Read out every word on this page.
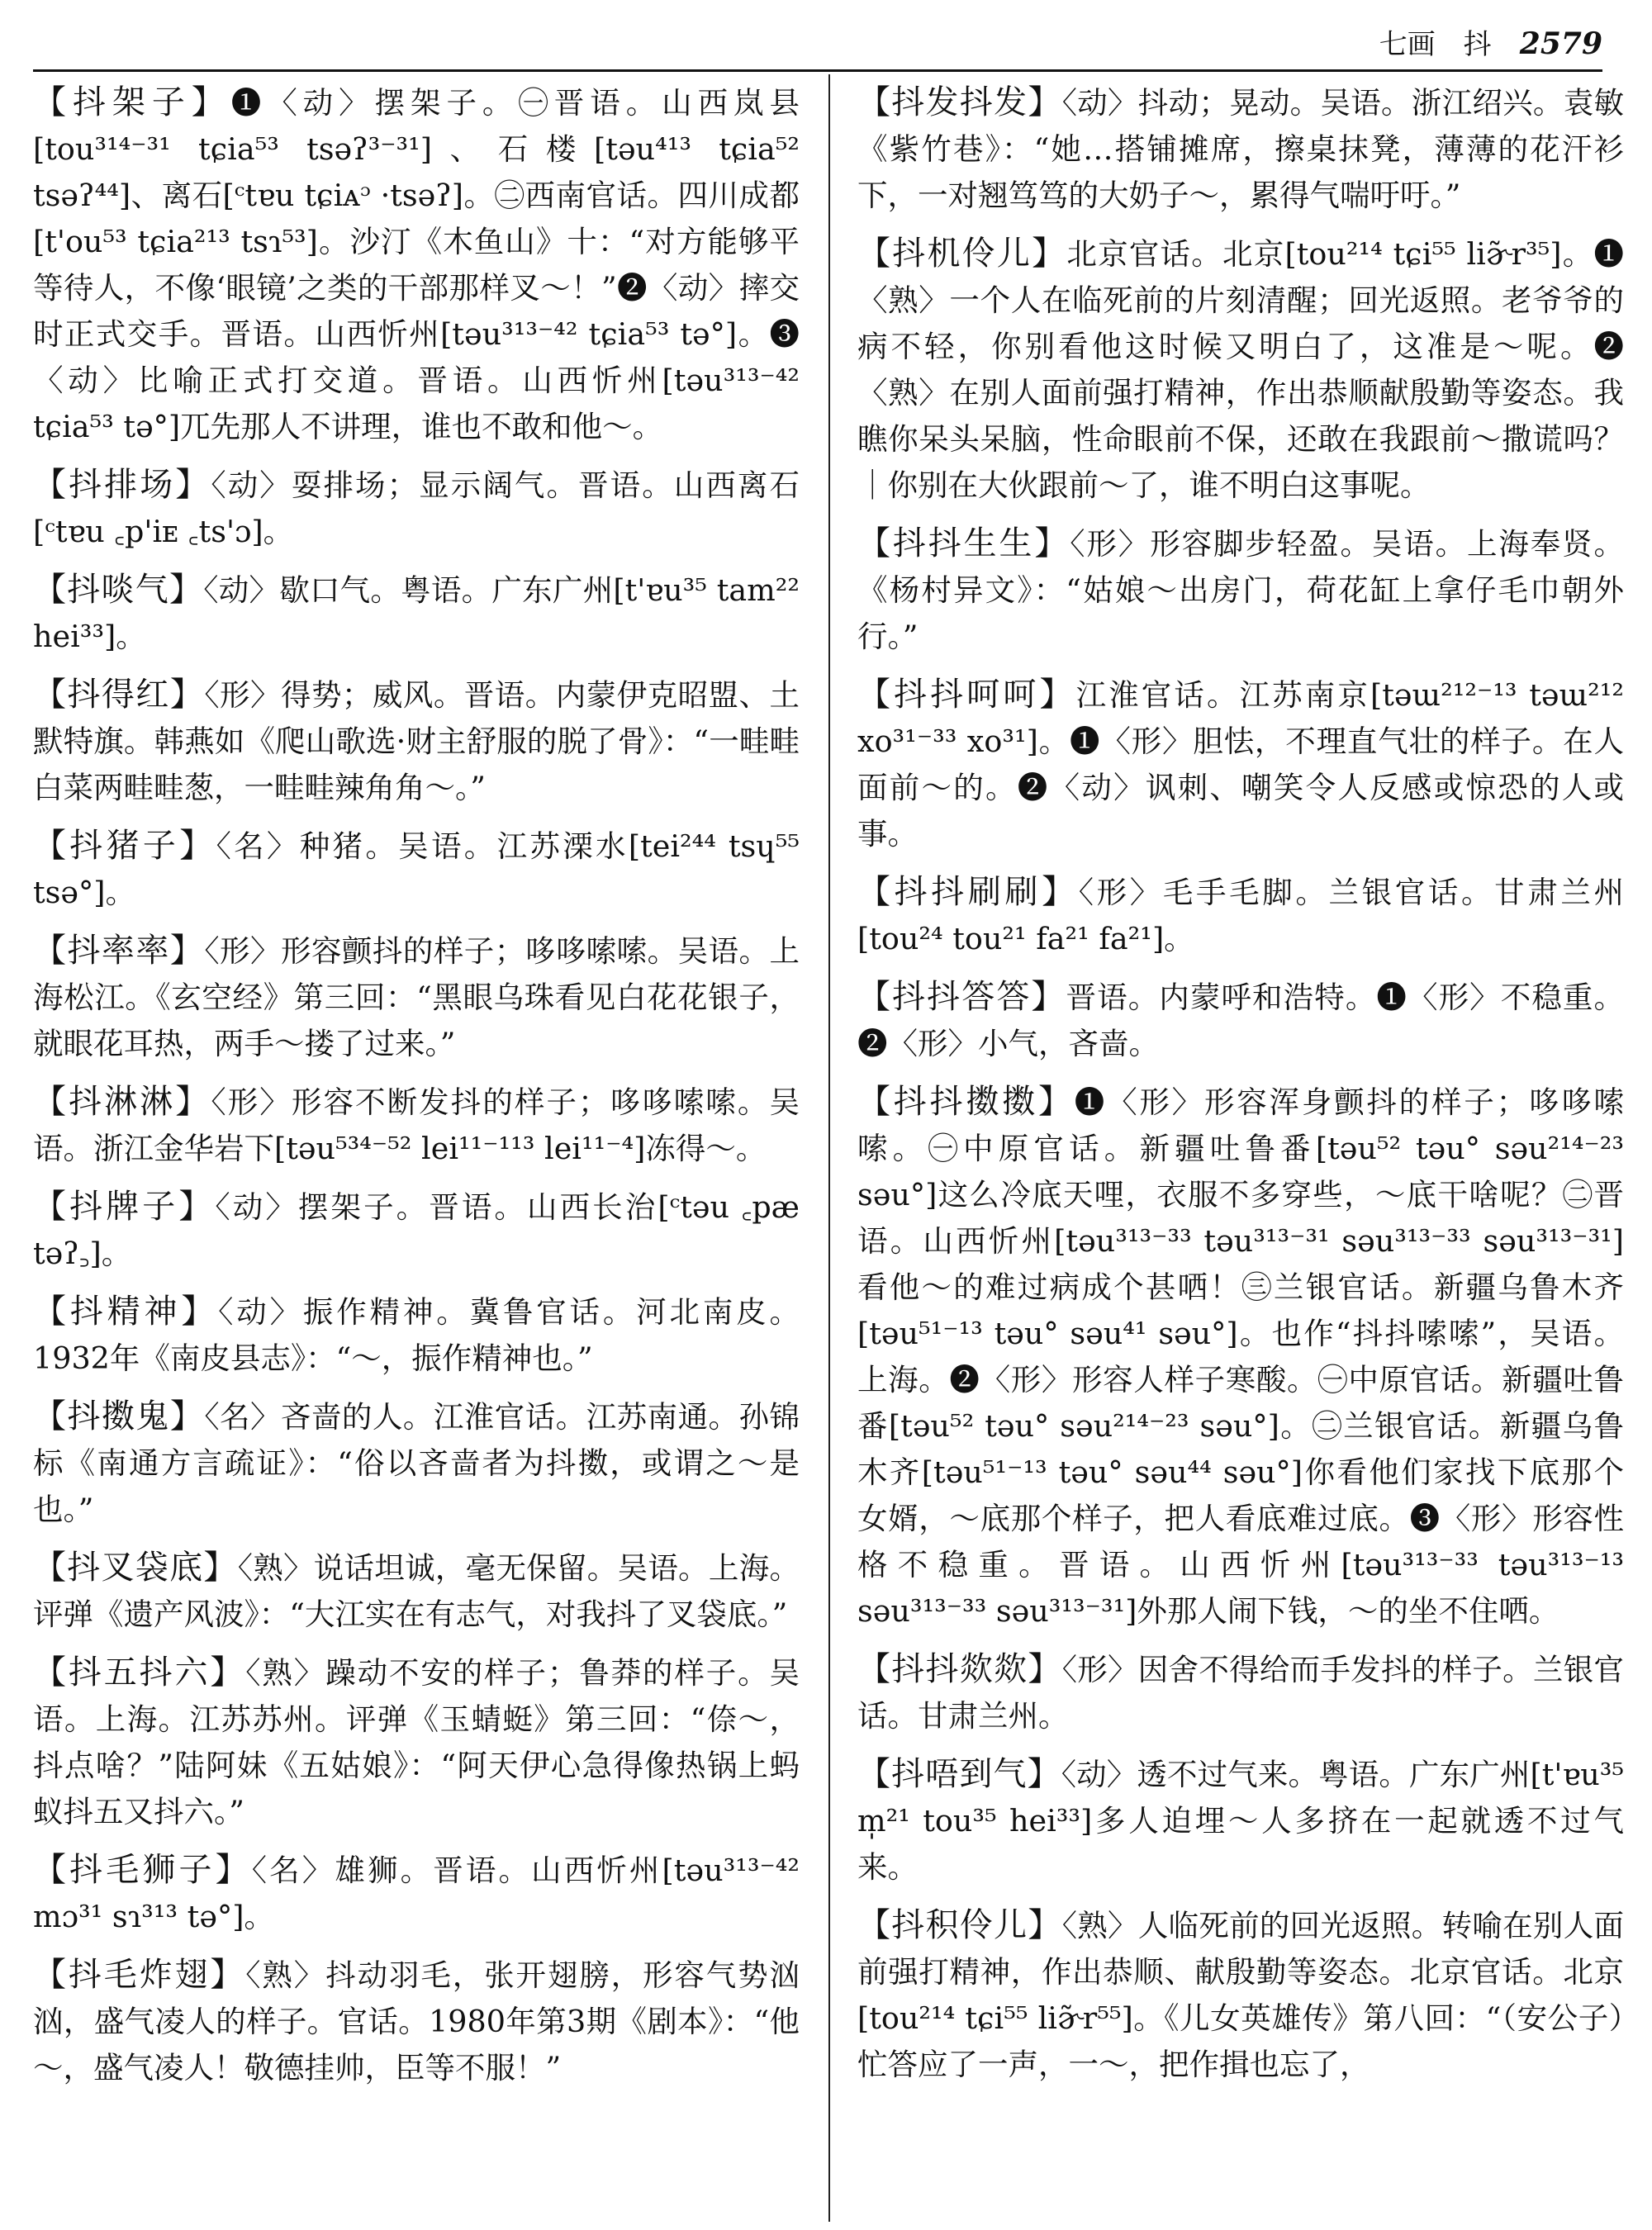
七画 抖 2579
【抖架子】❶〈动〉摆架子。㊀晋语。山西岚县[tou³¹⁴⁻³¹ tɕia⁵³ tsəʔ³⁻³¹]、石楼[təu⁴¹³ tɕia⁵² tsəʔ⁴⁴]、离石[ᶜtɐu tɕiᴀᵓ ·tsəʔ]。㊁西南官话。四川成都[t'ou⁵³ tɕia²¹³ tsɿ⁵³]。沙汀《木鱼山》十：“对方能够平等待人，不像‘眼镜’之类的干部那样叉～！”❷〈动〉摔交时正式交手。晋语。山西忻州[təu³¹³⁻⁴² tɕia⁵³ tə°]。❸〈动〉比喻正式打交道。晋语。山西忻州[təu³¹³⁻⁴² tɕia⁵³ tə°]兀先那人不讲理，谁也不敢和他～。
【抖排场】〈动〉耍排场；显示阔气。晋语。山西离石[ᶜtɐu ꜀p'iᴇ ꜀ts'ɔ]。
【抖啖气】〈动〉歇口气。粤语。广东广州[t'ɐu³⁵ tam²² hei³³]。
【抖得红】〈形〉得势；威风。晋语。内蒙伊克昭盟、土默特旗。韩燕如《爬山歌选·财主舒服的脱了骨》：“一畦畦白菜两畦畦葱，一畦畦辣角角～。”
【抖猪子】〈名〉种猪。吴语。江苏溧水[tei²⁴⁴ tsɥ⁵⁵ tsə°]。
【抖率率】〈形〉形容颤抖的样子；哆哆嗦嗦。吴语。上海松江。《玄空经》第三回：“黑眼乌珠看见白花花银子，就眼花耳热，两手～搂了过来。”
【抖淋淋】〈形〉形容不断发抖的样子；哆哆嗦嗦。吴语。浙江金华岩下[təu⁵³⁴⁻⁵² lei¹¹⁻¹¹³ lei¹¹⁻⁴]冻得～。
【抖牌子】〈动〉摆架子。晋语。山西长治[ᶜtəu ꜀pæ təʔ꜆]。
【抖精神】〈动〉振作精神。冀鲁官话。河北南皮。1932年《南皮县志》：“～，振作精神也。”
【抖擞鬼】〈名〉吝啬的人。江淮官话。江苏南通。孙锦标《南通方言疏证》：“俗以吝啬者为抖擞，或谓之～是也。”
【抖叉袋底】〈熟〉说话坦诚，毫无保留。吴语。上海。评弹《遗产风波》：“大江实在有志气，对我抖了叉袋底。”
【抖五抖六】〈熟〉躁动不安的样子；鲁莽的样子。吴语。上海。江苏苏州。评弹《玉蜻蜓》第三回：“倷～，抖点啥？”陆阿妹《五姑娘》：“阿天伊心急得像热锅上蚂蚁抖五又抖六。”
【抖毛狮子】〈名〉雄狮。晋语。山西忻州[təu³¹³⁻⁴² mɔ³¹ sɿ³¹³ tə°]。
【抖毛炸翅】〈熟〉抖动羽毛，张开翅膀，形容气势汹汹，盛气凌人的样子。官话。1980年第3期《剧本》：“他～，盛气凌人！敬德挂帅，臣等不服！”
【抖发抖发】〈动〉抖动；晃动。吴语。浙江绍兴。袁敏《紫竹巷》：“她…搭铺摊席，擦桌抹凳，薄薄的花汗衫下，一对翘笃笃的大奶子～，累得气喘吁吁。”
【抖机伶儿】北京官话。北京[tou²¹⁴ tɕi⁵⁵ liɚ̃r³⁵]。❶〈熟〉一个人在临死前的片刻清醒；回光返照。老爷爷的病不轻，你别看他这时候又明白了，这准是～呢。❷〈熟〉在别人面前强打精神，作出恭顺献殷勤等姿态。我瞧你呆头呆脑，性命眼前不保，还敢在我跟前～撒谎吗？｜你别在大伙跟前～了，谁不明白这事呢。
【抖抖生生】〈形〉形容脚步轻盈。吴语。上海奉贤。《杨村异文》：“姑娘～出房门，荷花缸上拿仔毛巾朝外行。”
【抖抖呵呵】江淮官话。江苏南京[təɯ²¹²⁻¹³ təɯ²¹² xo³¹⁻³³ xo³¹]。❶〈形〉胆怯，不理直气壮的样子。在人面前～的。❷〈动〉讽刺、嘲笑令人反感或惊恐的人或事。
【抖抖刷刷】〈形〉毛手毛脚。兰银官话。甘肃兰州[tou²⁴ tou²¹ fa²¹ fa²¹]。
【抖抖答答】晋语。内蒙呼和浩特。❶〈形〉不稳重。❷〈形〉小气，吝啬。
【抖抖擞擞】❶〈形〉形容浑身颤抖的样子；哆哆嗦嗦。㊀中原官话。新疆吐鲁番[təu⁵² təu° səu²¹⁴⁻²³ səu°]这么冷底天哩，衣服不多穿些，～底干啥呢？㊁晋语。山西忻州[təu³¹³⁻³³ təu³¹³⁻³¹ səu³¹³⁻³³ səu³¹³⁻³¹]看他～的难过病成个甚哂！㊂兰银官话。新疆乌鲁木齐[təu⁵¹⁻¹³ təu° səu⁴¹ səu°]。也作“抖抖嗦嗦”，吴语。上海。❷〈形〉形容人样子寒酸。㊀中原官话。新疆吐鲁番[təu⁵² təu° səu²¹⁴⁻²³ səu°]。㊁兰银官话。新疆乌鲁木齐[təu⁵¹⁻¹³ təu° səu⁴⁴ səu°]你看他们家找下底那个女婿，～底那个样子，把人看底难过底。❸〈形〉形容性格不稳重。晋语。山西忻州[təu³¹³⁻³³ təu³¹³⁻¹³ səu³¹³⁻³³ səu³¹³⁻³¹]外那人闹下钱，～的坐不住哂。
【抖抖欻欻】〈形〉因舍不得给而手发抖的样子。兰银官话。甘肃兰州。
【抖唔到气】〈动〉透不过气来。粤语。广东广州[t'ɐu³⁵ m̩²¹ tou³⁵ hei³³]多人迫埋～人多挤在一起就透不过气来。
【抖积伶儿】〈熟〉人临死前的回光返照。转喻在别人面前强打精神，作出恭顺、献殷勤等姿态。北京官话。北京[tou²¹⁴ tɕi⁵⁵ liɚ̃r⁵⁵]。《儿女英雄传》第八回：“（安公子）忙答应了一声，一～，把作揖也忘了，
